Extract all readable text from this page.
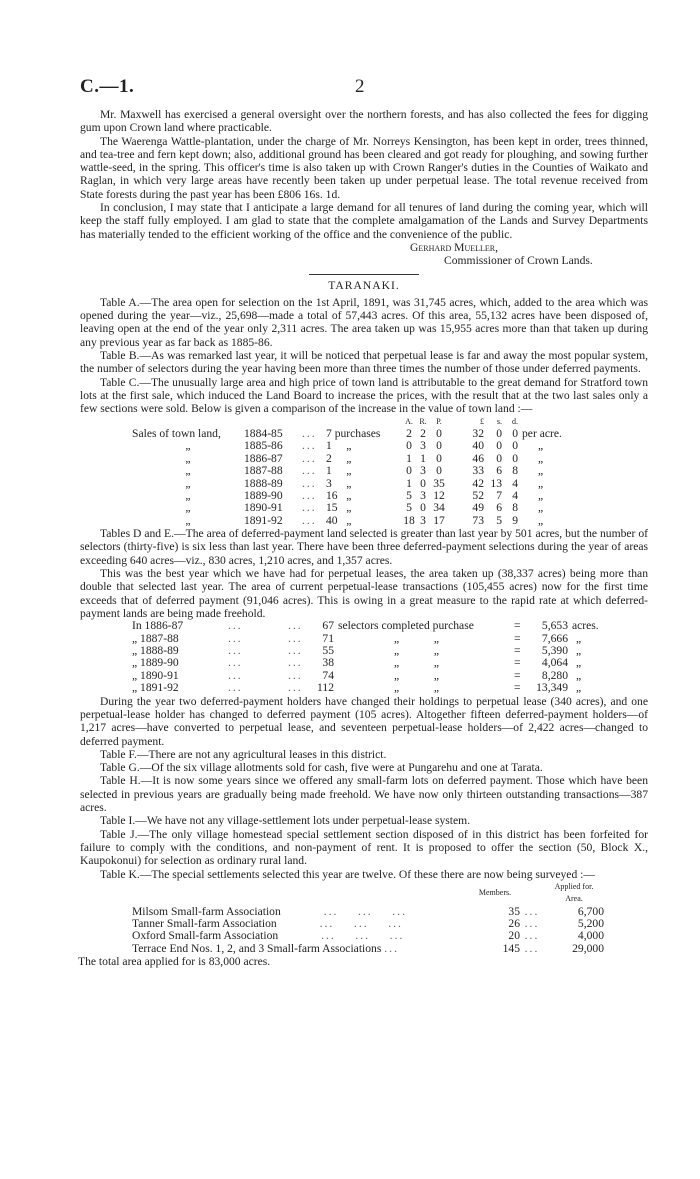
C.—1.	2

Mr. Maxwell has exercised a general oversight over the northern forests, and has also collected the fees for digging gum upon Crown land where practicable.

The Waerenga Wattle-plantation, under the charge of Mr. Norreys Kensington, has been kept in order, trees thinned, and tea-tree and fern kept down; also, additional ground has been cleared and got ready for ploughing, and sowing further wattle-seed, in the spring. This officer's time is also taken up with Crown Ranger's duties in the Counties of Waikato and Raglan, in which very large areas have recently been taken up under perpetual lease. The total revenue received from State forests during the past year has been £806 16s. 1d.

In conclusion, I may state that I anticipate a large demand for all tenures of land during the coming year, which will keep the staff fully employed. I am glad to state that the complete amalgamation of the Lands and Survey Departments has materially tended to the efficient working of the office and the convenience of the public.

Gerhard Mueller,
Commissioner of Crown Lands.
TARANAKI.

Table A.—The area open for selection on the 1st April, 1891, was 31,745 acres, which, added to the area which was opened during the year—viz., 25,698—made a total of 57,443 acres. Of this area, 55,132 acres have been disposed of, leaving open at the end of the year only 2,311 acres. The area taken up was 15,955 acres more than that taken up during any previous year as far back as 1885-86.

Table B.—As was remarked last year, it will be noticed that perpetual lease is far and away the most popular system, the number of selectors during the year having been more than three times the number of those under deferred payments.

Table C.—The unusually large area and high price of town land is attributable to the great demand for Stratford town lots at the first sale, which induced the Land Board to increase the prices, with the result that at the two last sales only a few sections were sold. Below is given a comparison of the increase in the value of town land :—

				A.	R.	P.	£	s.	d.	
Sales of town land,	1884-85	...	7 purchases	2	2	0	32	0	0	per acre.
„	1885-86	...	1     „	0	3	0	40	0	0	„
„	1886-87	...	2     „	1	1	0	46	0	0	„
„	1887-88	...	1     „	0	3	0	33	6	8	„
„	1888-89	...	3     „	1	0	35	42	13	4	„
„	1889-90	...	16   „	5	3	12	52	7	4	„
„	1890-91	...	15   „	5	0	34	49	6	8	„
„	1891-92	...	40   „	18	3	17	73	5	9	„

Tables D and E.—The area of deferred-payment land selected is greater than last year by 501 acres, but the number of selectors (thirty-five) is six less than last year. There have been three deferred-payment selections during the year of areas exceeding 640 acres—viz., 830 acres, 1,210 acres, and 1,357 acres.

This was the best year which we have had for perpetual leases, the area taken up (38,337 acres) being more than double that selected last year. The area of current perpetual-lease transactions (105,455 acres) now for the first time exceeds that of deferred payment (91,046 acres). This is owing in a great measure to the rapid rate at which deferred-payment lands are being made freehold.

In 1886-87	...	...	67	selectors completed purchase	=	5,653	acres.
„ 1887-88	...	...	71	„            „	=	7,666	„
„ 1888-89	...	...	55	„            „	=	5,390	„
„ 1889-90	...	...	38	„            „	=	4,064	„
„ 1890-91	...	...	74	„            „	=	8,280	„
„ 1891-92	...	...	112	„            „	=	13,349	„

During the year two deferred-payment holders have changed their holdings to perpetual lease (340 acres), and one perpetual-lease holder has changed to deferred payment (105 acres). Altogether fifteen deferred-payment holders—of 1,217 acres—have converted to perpetual lease, and seventeen perpetual-lease holders—of 2,422 acres—changed to deferred payment.

Table F.—There are not any agricultural leases in this district.

Table G.—Of the six village allotments sold for cash, five were at Pungarehu and one at Tarata.

Table H.—It is now some years since we offered any small-farm lots on deferred payment. Those which have been selected in previous years are gradually being made freehold. We have now only thirteen outstanding transactions—387 acres.

Table I.—We have not any village-settlement lots under perpetual-lease system.

Table J.—The only village homestead special settlement section disposed of in this district has been forfeited for failure to comply with the conditions, and non-payment of rent. It is proposed to offer the section (50, Block X., Kaupokonui) for selection as ordinary rural land.

Table K.—The special settlements selected this year are twelve. Of these there are now being surveyed :—

	Members.		Applied for.
Area.

Milsom Small-farm Association ...    ...    ...	35	...	6,700
Tanner Small-farm Association ...    ...    ...	26	...	5,200
Oxford Small-farm Association ...    ...    ...	20	...	4,000
Terrace End Nos. 1, 2, and 3 Small-farm Associations ...	145	...	29,000

The total area applied for is 83,000 acres.
